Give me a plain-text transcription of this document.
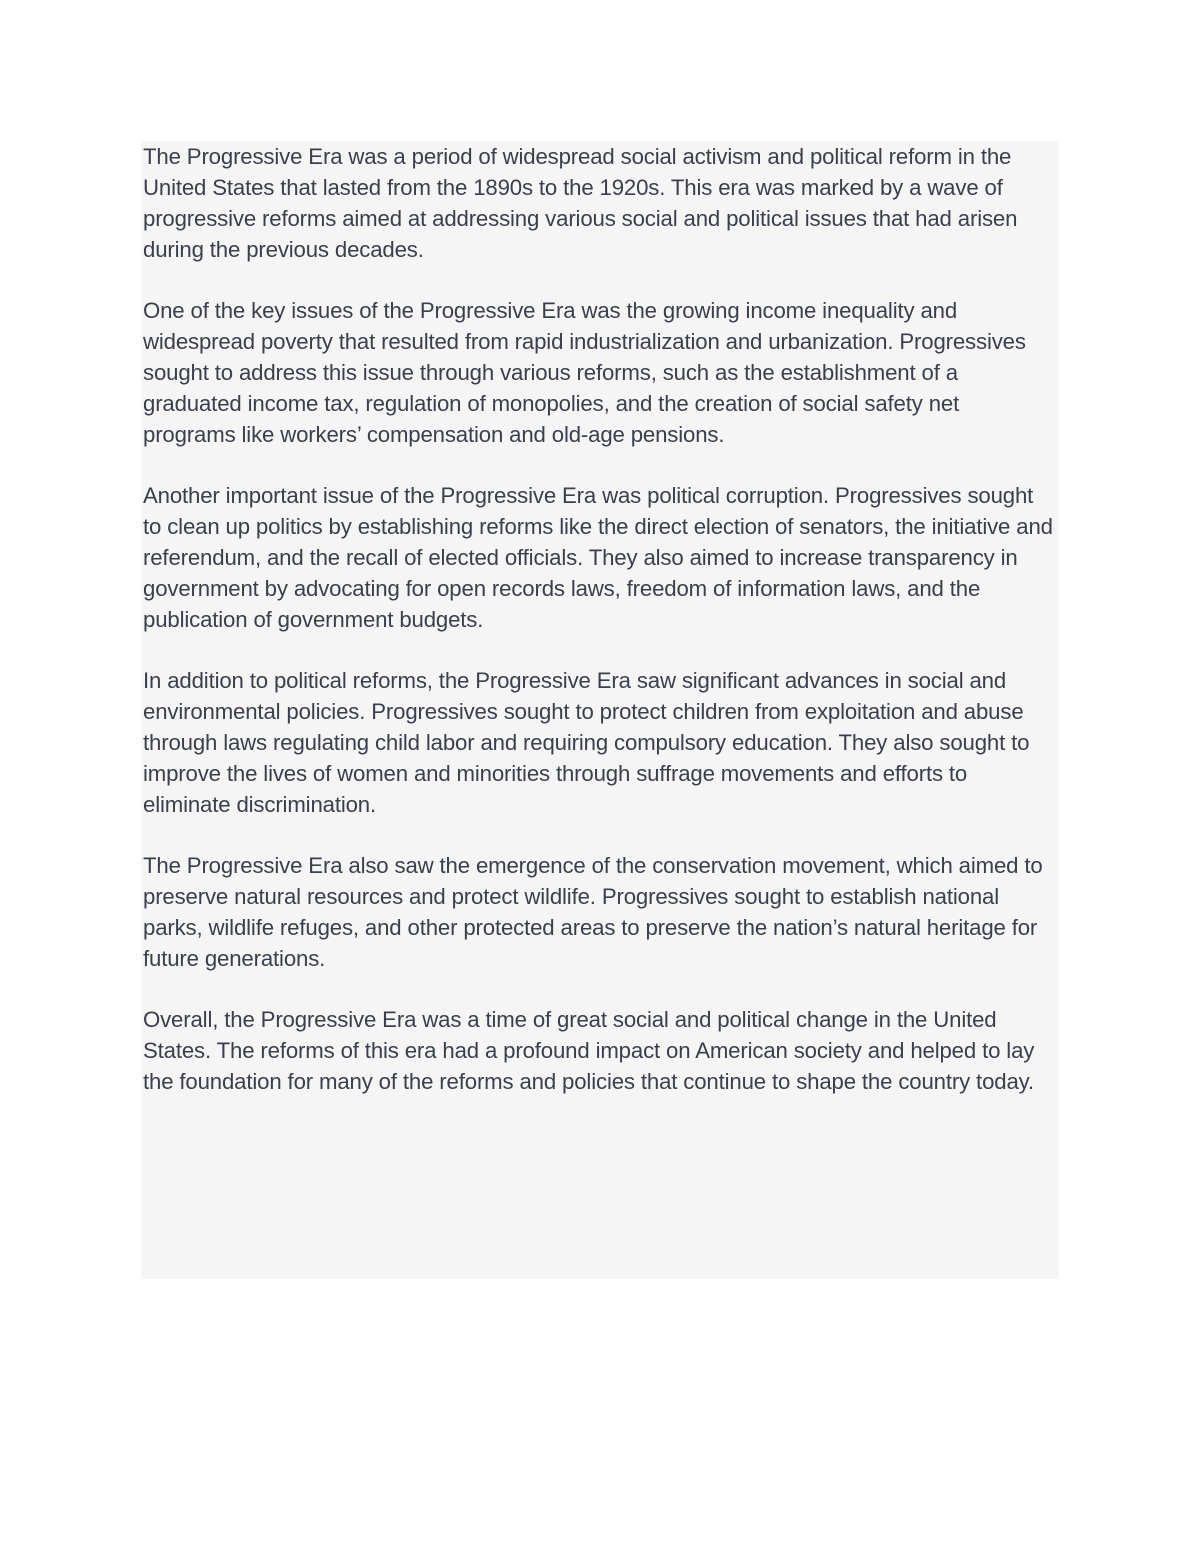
The Progressive Era was a period of widespread social activism and political reform in the United States that lasted from the 1890s to the 1920s. This era was marked by a wave of progressive reforms aimed at addressing various social and political issues that had arisen during the previous decades.

One of the key issues of the Progressive Era was the growing income inequality and widespread poverty that resulted from rapid industrialization and urbanization. Progressives sought to address this issue through various reforms, such as the establishment of a graduated income tax, regulation of monopolies, and the creation of social safety net programs like workers’ compensation and old-age pensions.

Another important issue of the Progressive Era was political corruption. Progressives sought to clean up politics by establishing reforms like the direct election of senators, the initiative and referendum, and the recall of elected officials. They also aimed to increase transparency in government by advocating for open records laws, freedom of information laws, and the publication of government budgets.

In addition to political reforms, the Progressive Era saw significant advances in social and environmental policies. Progressives sought to protect children from exploitation and abuse through laws regulating child labor and requiring compulsory education. They also sought to improve the lives of women and minorities through suffrage movements and efforts to eliminate discrimination.

The Progressive Era also saw the emergence of the conservation movement, which aimed to preserve natural resources and protect wildlife. Progressives sought to establish national parks, wildlife refuges, and other protected areas to preserve the nation’s natural heritage for future generations.

Overall, the Progressive Era was a time of great social and political change in the United States. The reforms of this era had a profound impact on American society and helped to lay the foundation for many of the reforms and policies that continue to shape the country today.
